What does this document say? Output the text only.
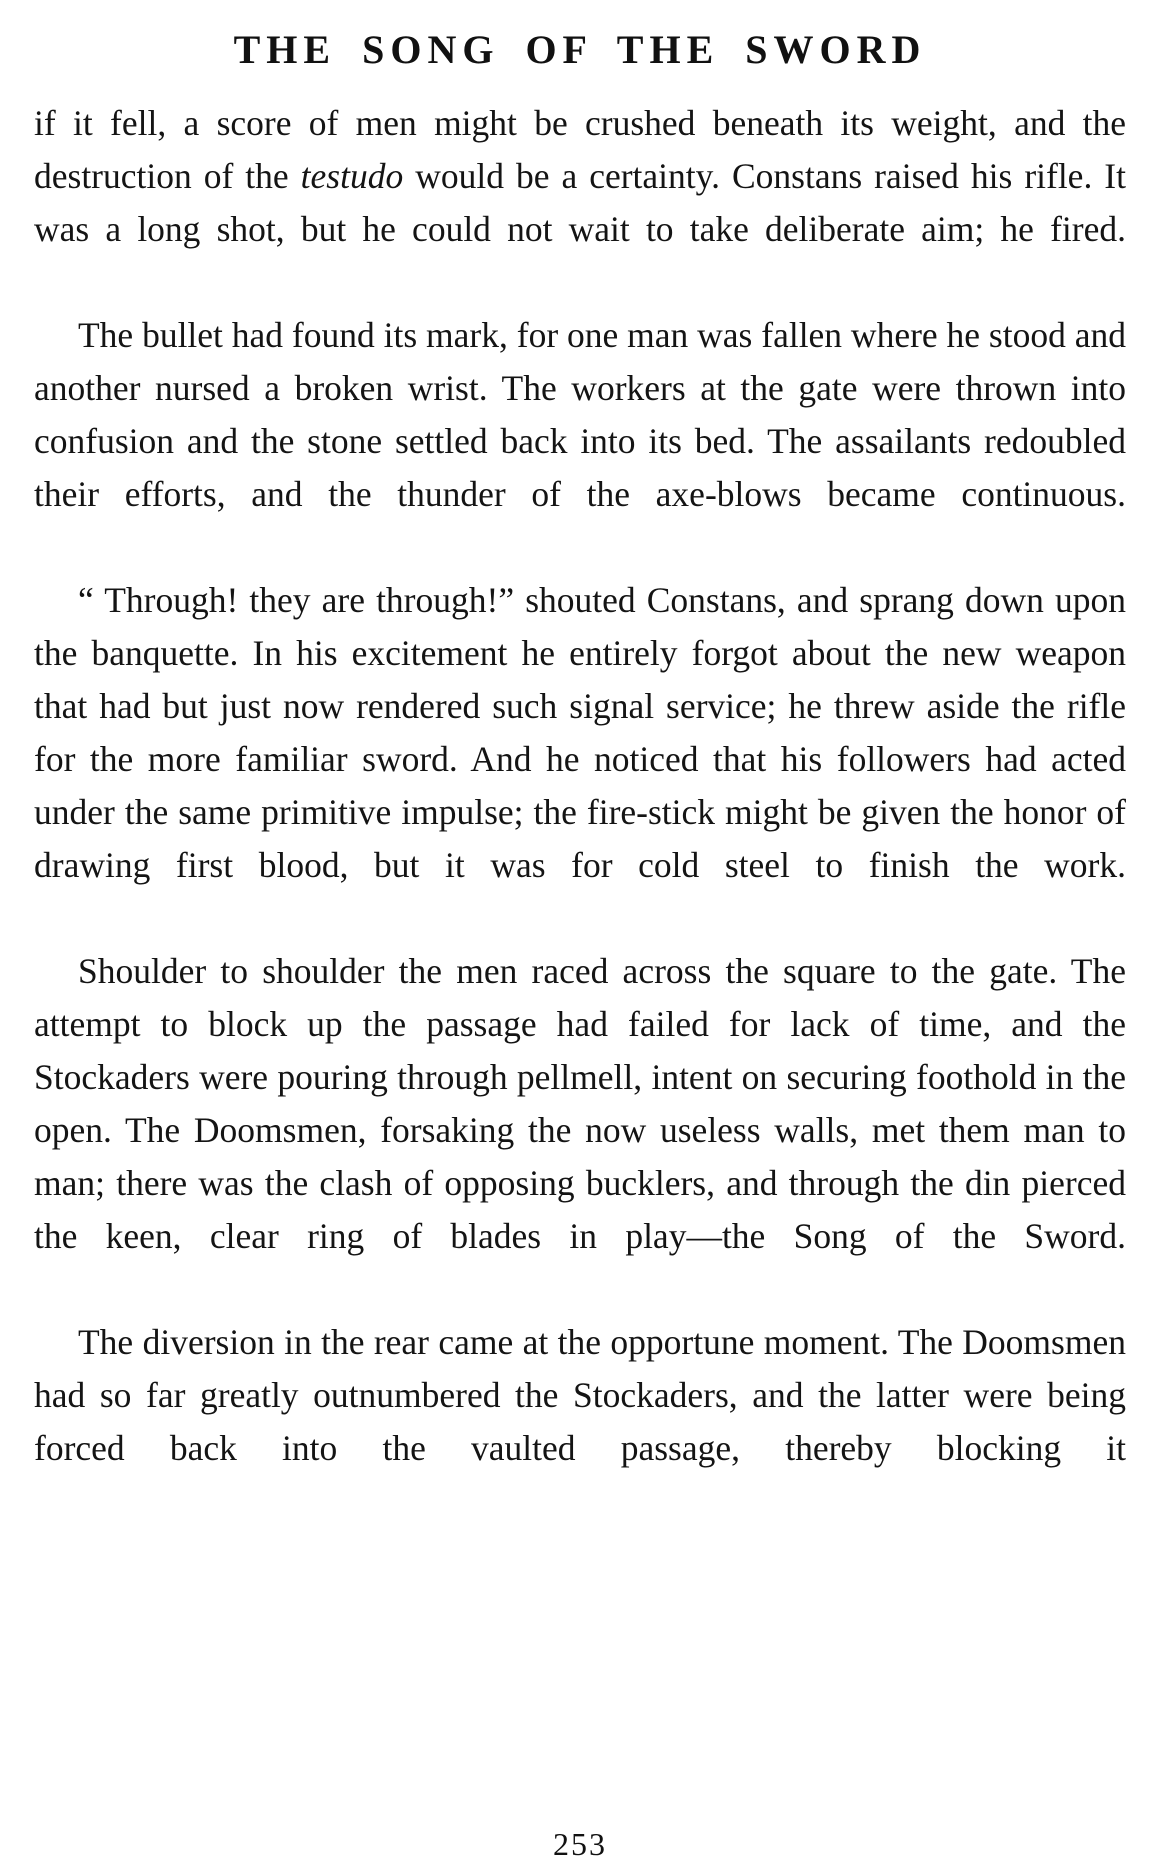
THE SONG OF THE SWORD

if it fell, a score of men might be crushed beneath its weight, and the destruction of the testudo would be a certainty. Constans raised his rifle. It was a long shot, but he could not wait to take deliberate aim; he fired.

The bullet had found its mark, for one man was fallen where he stood and another nursed a broken wrist. The workers at the gate were thrown into confusion and the stone settled back into its bed. The assailants redoubled their efforts, and the thunder of the axe-blows became continuous.

“ Through! they are through!” shouted Constans, and sprang down upon the banquette. In his excitement he entirely forgot about the new weapon that had but just now rendered such signal service; he threw aside the rifle for the more familiar sword. And he noticed that his followers had acted under the same primitive impulse; the fire-stick might be given the honor of drawing first blood, but it was for cold steel to finish the work.

Shoulder to shoulder the men raced across the square to the gate. The attempt to block up the passage had failed for lack of time, and the Stockaders were pouring through pellmell, intent on securing foothold in the open. The Doomsmen, forsaking the now useless walls, met them man to man; there was the clash of opposing bucklers, and through the din pierced the keen, clear ring of blades in play—the Song of the Sword.

The diversion in the rear came at the opportune moment. The Doomsmen had so far greatly outnumbered the Stockaders, and the latter were being forced back into the vaulted passage, thereby blocking it

253
